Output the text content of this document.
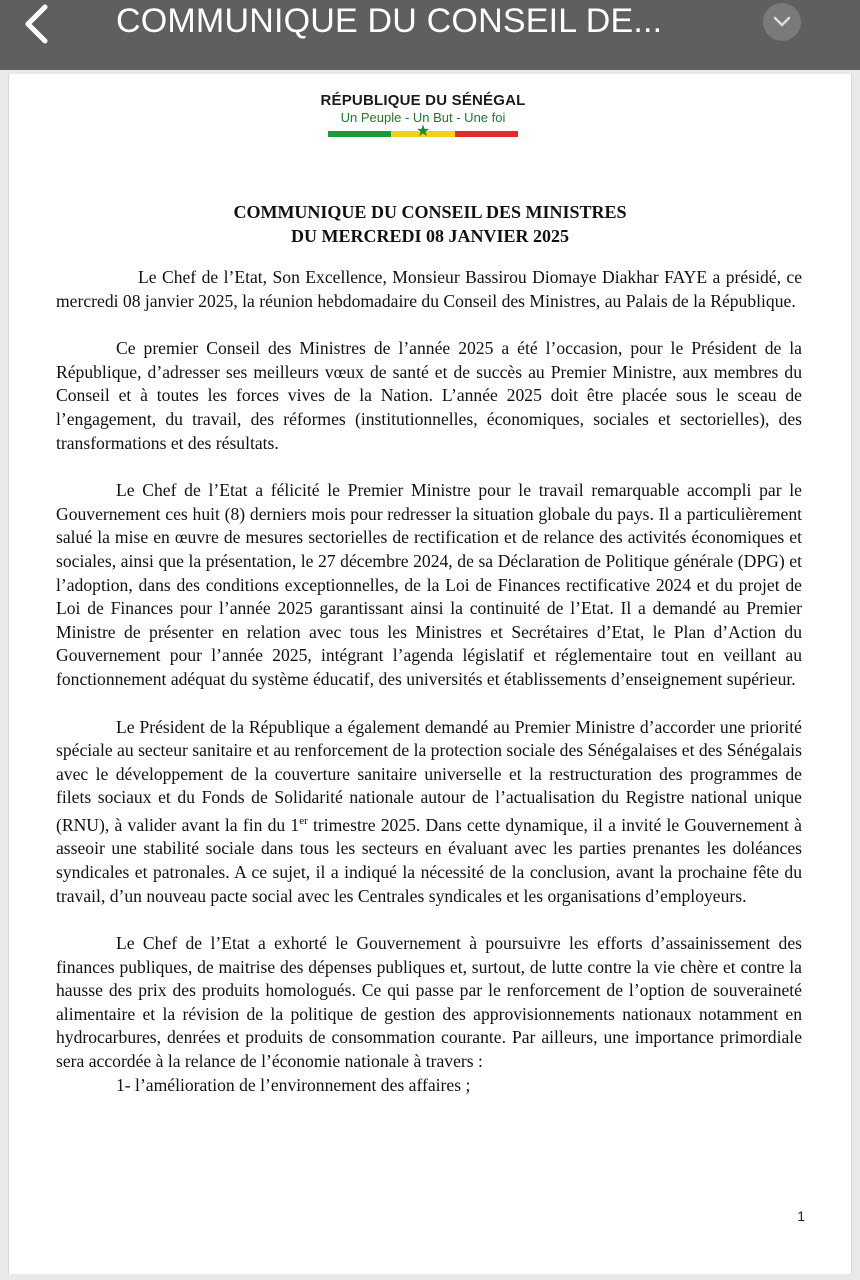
COMMUNIQUE DU CONSEIL DE...
RÉPUBLIQUE DU SÉNÉGAL
Un Peuple - Un But - Une foi
★
COMMUNIQUE DU CONSEIL DES MINISTRES
DU MERCREDI 08 JANVIER 2025

Le Chef de l’Etat, Son Excellence, Monsieur Bassirou Diomaye Diakhar FAYE a présidé, ce mercredi 08 janvier 2025, la réunion hebdomadaire du Conseil des Ministres, au Palais de la République.

Ce premier Conseil des Ministres de l’année 2025 a été l’occasion, pour le Président de la République, d’adresser ses meilleurs vœux de santé et de succès au Premier Ministre, aux membres du Conseil et à toutes les forces vives de la Nation. L’année 2025 doit être placée sous le sceau de l’engagement, du travail, des réformes (institutionnelles, économiques, sociales et sectorielles), des transformations et des résultats.

Le Chef de l’Etat a félicité le Premier Ministre pour le travail remarquable accompli par le Gouvernement ces huit (8) derniers mois pour redresser la situation globale du pays. Il a particulièrement salué la mise en œuvre de mesures sectorielles de rectification et de relance des activités économiques et sociales, ainsi que la présentation, le 27 décembre 2024, de sa Déclaration de Politique générale (DPG) et l’adoption, dans des conditions exceptionnelles, de la Loi de Finances rectificative 2024 et du projet de Loi de Finances pour l’année 2025 garantissant ainsi la continuité de l’Etat. Il a demandé au Premier Ministre de présenter en relation avec tous les Ministres et Secrétaires d’Etat, le Plan d’Action du Gouvernement pour l’année 2025, intégrant l’agenda législatif et réglementaire tout en veillant au fonctionnement adéquat du système éducatif, des universités et établissements d’enseignement supérieur.

Le Président de la République a également demandé au Premier Ministre d’accorder une priorité spéciale au secteur sanitaire et au renforcement de la protection sociale des Sénégalaises et des Sénégalais avec le développement de la couverture sanitaire universelle et la restructuration des programmes de filets sociaux et du Fonds de Solidarité nationale autour de l’actualisation du Registre national unique (RNU), à valider avant la fin du 1er trimestre 2025. Dans cette dynamique, il a invité le Gouvernement à asseoir une stabilité sociale dans tous les secteurs en évaluant avec les parties prenantes les doléances syndicales et patronales. A ce sujet, il a indiqué la nécessité de la conclusion, avant la prochaine fête du travail, d’un nouveau pacte social avec les Centrales syndicales et les organisations d’employeurs.

Le Chef de l’Etat a exhorté le Gouvernement à poursuivre les efforts d’assainissement des finances publiques, de maitrise des dépenses publiques et, surtout, de lutte contre la vie chère et contre la hausse des prix des produits homologués. Ce qui passe par le renforcement de l’option de souveraineté alimentaire et la révision de la politique de gestion des approvisionnements nationaux notamment en hydrocarbures, denrées et produits de consommation courante. Par ailleurs, une importance primordiale sera accordée à la relance de l’économie nationale à travers :

1- l’amélioration de l’environnement des affaires ;
1
